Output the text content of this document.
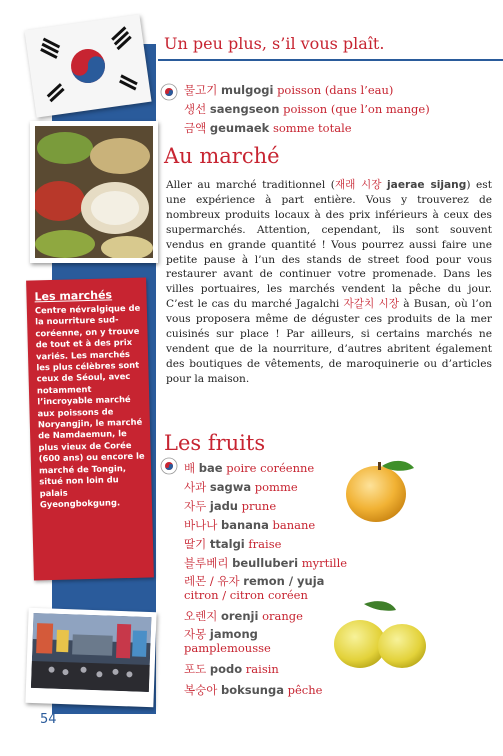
Les marchés

Centre névralgique de la nourriture sud-coréenne, on y trouve de tout et à des prix variés. Les marchés les plus célèbres sont ceux de Séoul, avec notamment l’incroyable marché aux poissons de Noryangjin, le marché de Namdaemun, le plus vieux de Corée (600 ans) ou encore le marché de Tongin, situé non loin du palais Gyeongbokgung.

Un peu plus, s’il vous plaît.
물고기 mulgogi poisson (dans l’eau)
생선 saengseon poisson (que l’on mange)
금액 geumaek somme totale
Au marché
Aller au marché traditionnel (재래 시장 jaerae sijang) est une expérience à part entière. Vous y trouverez de nombreux produits locaux à des prix inférieurs à ceux des supermarchés. Attention, cependant, ils sont souvent vendus en grande quantité ! Vous pourrez aussi faire une petite pause à l’un des stands de street food pour vous restaurer avant de continuer votre promenade. Dans les villes portuaires, les marchés vendent la pêche du jour. C’est le cas du marché Jagalchi 자갈치 시장 à Busan, où l’on vous proposera même de déguster ces produits de la mer cuisinés sur place ! Par ailleurs, si certains marchés ne vendent que de la nourriture, d’autres abritent également des boutiques de vêtements, de maroquinerie ou d’articles pour la maison.
Les fruits
배 bae poire coréenne
사과 sagwa pomme
자두 jadu prune
바나나 banana banane
딸기 ttalgi fraise
블루베리 beulluberi myrtille
레몬 / 유자 remon / yuja citron / citron coréen
오렌지 orenji orange
자몽 jamong pamplemousse
포도 podo raisin
복숭아 boksunga pêche
54
